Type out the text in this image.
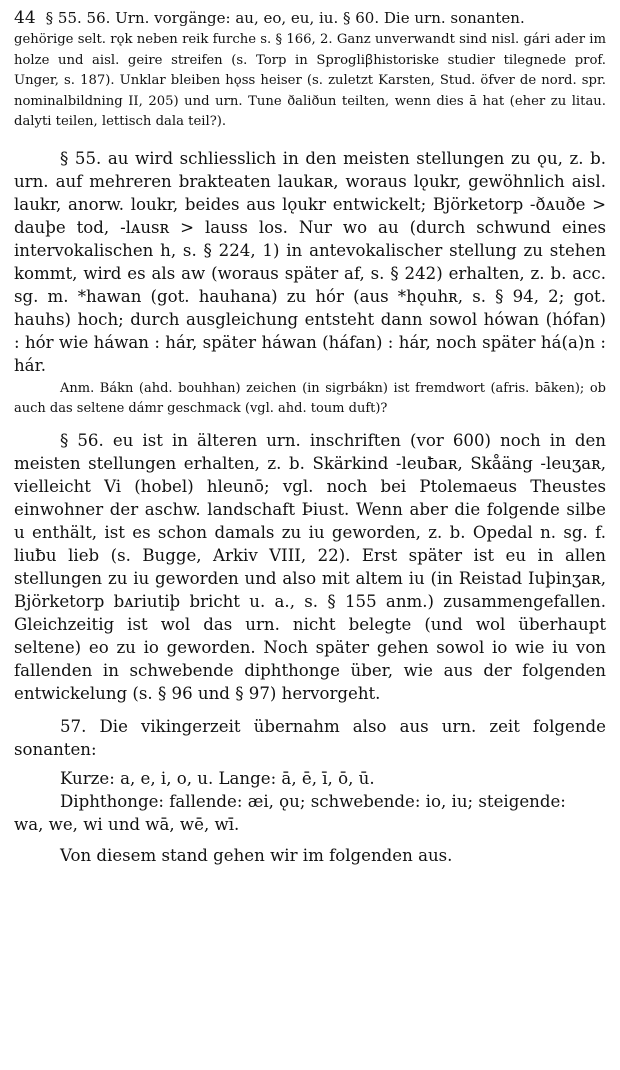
44 § 55. 56. Urn. vorgänge: au, eo, eu, iu. § 60. Die urn. sonanten.

gehörige selt. rǫk neben reik furche s. § 166, 2. Ganz unverwandt sind nisl. gári ader im holze und aisl. geire streifen (s. Torp in Sprogliꞵhistoriske studier tilegnede prof. Unger, s. 187). Unklar bleiben hǫss heiser (s. zuletzt Karsten, Stud. öfver de nord. spr. nominalbildning II, 205) und urn. Tune ðaliðun teilten, wenn dies ā hat (eher zu litau. dalyti teilen, lettisch dala teil?).

§ 55. au wird schliesslich in den meisten stellungen zu ǫu, z. b. urn. auf mehreren brakteaten laukaʀ, woraus lǫukr, gewöhnlich aisl. laukr, anorw. loukr, beides aus lǫukr entwickelt; Björketorp -ðᴀuðe > dauþe tod, -lᴀusʀ > lauss los. Nur wo au (durch schwund eines intervokalischen h, s. § 224, 1) in antevokalischer stellung zu stehen kommt, wird es als aw (woraus später af, s. § 242) erhalten, z. b. acc. sg. m. *hawan (got. hauhana) zu hór (aus *hǫuhʀ, s. § 94, 2; got. hauhs) hoch; durch ausgleichung entsteht dann sowol hówan (hófan) : hór wie háwan : hár, später háwan (háfan) : hár, noch später há(a)n : hár.

Anm. Bákn (ahd. bouhhan) zeichen (in sigrbákn) ist fremdwort (afris. bāken); ob auch das seltene dámr geschmack (vgl. ahd. toum duft)?

§ 56. eu ist in älteren urn. inschriften (vor 600) noch in den meisten stellungen erhalten, z. b. Skärkind -leuƀaʀ, Skåäng -leuʒaʀ, vielleicht Vi (hobel) hleunō; vgl. noch bei Ptolemaeus Theustes einwohner der aschw. landschaft Þiust. Wenn aber die folgende silbe u enthält, ist es schon damals zu iu geworden, z. b. Opedal n. sg. f. liuƀu lieb (s. Bugge, Arkiv VIII, 22). Erst später ist eu in allen stellungen zu iu geworden und also mit altem iu (in Reistad Iuþinʒaʀ, Björketorp bᴀriutiþ bricht u. a., s. § 155 anm.) zusammengefallen. Gleichzeitig ist wol das urn. nicht belegte (und wol überhaupt seltene) eo zu io geworden. Noch später gehen sowol io wie iu von fallenden in schwebende diphthonge über, wie aus der folgenden entwickelung (s. § 96 und § 97) hervorgeht.

57. Die vikingerzeit übernahm also aus urn. zeit folgende sonanten:

Kurze: a, e, i, o, u. Lange: ā, ē, ī, ō, ū.

Diphthonge: fallende: æi, ǫu; schwebende: io, iu; steigende:

wa, we, wi und wā, wē, wī.

Von diesem stand gehen wir im folgenden aus.
